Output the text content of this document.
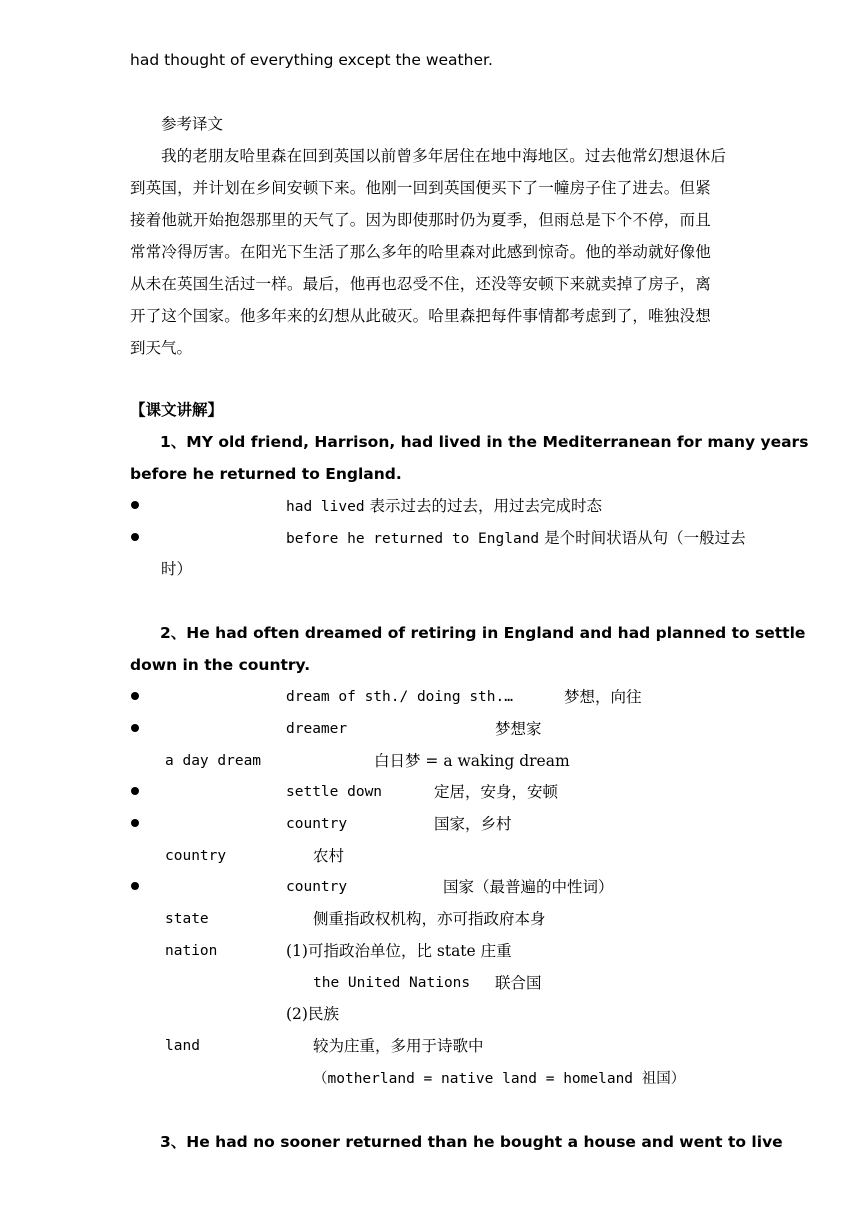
had thought of everything except the weather.
参考译文
我的老朋友哈里森在回到英国以前曾多年居住在地中海地区。过去他常幻想退休后
到英国，并计划在乡间安顿下来。他刚一回到英国便买下了一幢房子住了进去。但紧
接着他就开始抱怨那里的天气了。因为即使那时仍为夏季，但雨总是下个不停，而且
常常冷得厉害。在阳光下生活了那么多年的哈里森对此感到惊奇。他的举动就好像他
从未在英国生活过一样。最后，他再也忍受不住，还没等安顿下来就卖掉了房子，离
开了这个国家。他多年来的幻想从此破灭。哈里森把每件事情都考虑到了，唯独没想
到天气。
【课文讲解】
1、MY old friend, Harrison, had lived in the Mediterranean for many years
before he returned to England.
had lived 表示过去的过去，用过去完成时态
before he returned to England 是个时间状语从句（一般过去
时）
2、He had often dreamed of retiring in England and had planned to settle
down in the country.
dream of sth./ doing sth.…	梦想，向往
dreamer	梦想家
a day dream	白日梦 = a waking dream
settle down	定居，安身，安顿
country	国家，乡村
country	农村
country	国家（最普遍的中性词）
state	侧重指政权机构，亦可指政府本身
nation	(1)可指政治单位，比 state 庄重
the United Nations 联合国
(2)民族
land	较为庄重，多用于诗歌中
（motherland = native land = homeland 祖国）
3、He had no sooner returned than he bought a house and went to live
